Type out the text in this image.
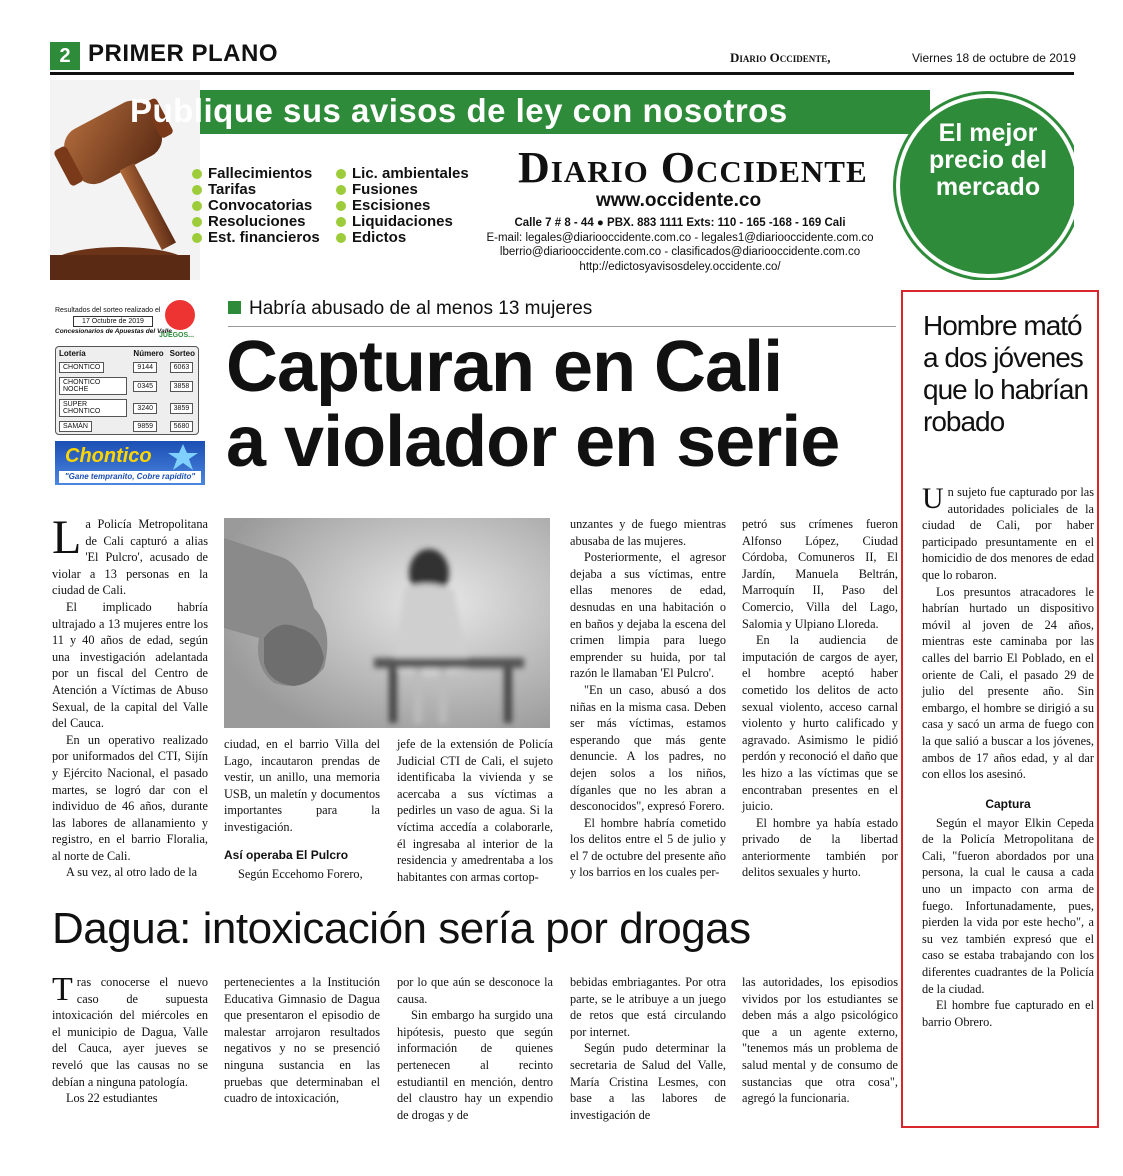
2 PRIMER PLANO	Diario Occidente,	Viernes 18 de octubre de 2019
Publique sus avisos de ley con nosotros
Fallecimientos
Tarifas
Convocatorias
Resoluciones
Est. financieros
Lic. ambientales
Fusiones
Escisiones
Liquidaciones
Edictos
Diario Occidente
www.occidente.co
Calle 7 # 8 - 44 ● PBX. 883 1111 Exts: 110 - 165 -168 - 169 Cali
E-mail: legales@diariooccidente.com.co - legales1@diariooccidente.com.co
lberrio@diariooccidente.com.co - clasificados@diariooccidente.com.co
http://edictosyavisosdeley.occidente.co/
El mejor precio del mercado
Resultados del sorteo realizado el
17 Octubre de 2019
Concesionarios de Apuestas del Valle
JUEGOS...
Lotería	Número	Sorteo
CHONTICO	9144	6063
CHONTICO NOCHE	0345	3858
SUPER CHONTICO	3240	3859
SAMÁN	9859	5680
Chontico
"Gane tempranito, Cobre rapidito"
Habría abusado de al menos 13 mujeres
Capturan en Cali
a violador en serie

La Policía Metropolitana de Cali capturó a alias 'El Pulcro', acusado de violar a 13 personas en la ciudad de Cali.

El implicado habría ultrajado a 13 mujeres entre los 11 y 40 años de edad, según una investigación adelantada por un fiscal del Centro de Atención a Víctimas de Abuso Sexual, de la capital del Valle del Cauca.

En un operativo realizado por uniformados del CTI, Sijín y Ejército Nacional, el pasado martes, se logró dar con el individuo de 46 años, durante las labores de allanamiento y registro, en el barrio Floralia, al norte de Cali.

A su vez, al otro lado de la

ciudad, en el barrio Villa del Lago, incautaron prendas de vestir, un anillo, una memoria USB, un maletín y documentos importantes para la investigación.

Así operaba El Pulcro

Según Eccehomo Forero,

jefe de la extensión de Policía Judicial CTI de Cali, el sujeto identificaba la vivienda y se acercaba a sus víctimas a pedirles un vaso de agua. Si la víctima accedía a colaborarle, él ingresaba al interior de la residencia y amedrentaba a los habitantes con armas cortop-

unzantes y de fuego mientras abusaba de las mujeres.

Posteriormente, el agresor dejaba a sus víctimas, entre ellas menores de edad, desnudas en una habitación o en baños y dejaba la escena del crimen limpia para luego emprender su huida, por tal razón le llamaban 'El Pulcro'.

"En un caso, abusó a dos niñas en la misma casa. Deben ser más víctimas, estamos esperando que más gente denuncie. A los padres, no dejen solos a los niños, díganles que no les abran a desconocidos", expresó Forero.

El hombre habría cometido los delitos entre el 5 de julio y el 7 de octubre del presente año y los barrios en los cuales per-

petró sus crímenes fueron Alfonso López, Ciudad Córdoba, Comuneros II, El Jardín, Manuela Beltrán, Marroquín II, Paso del Comercio, Villa del Lago, Salomia y Ulpiano Lloreda.

En la audiencia de imputación de cargos de ayer, el hombre aceptó haber cometido los delitos de acto sexual violento, acceso carnal violento y hurto calificado y agravado. Asimismo le pidió perdón y reconoció el daño que les hizo a las víctimas que se encontraban presentes en el juicio.

El hombre ya había estado privado de la libertad anteriormente también por delitos sexuales y hurto.

Dagua: intoxicación sería por drogas

Tras conocerse el nuevo caso de supuesta intoxicación del miércoles en el municipio de Dagua, Valle del Cauca, ayer jueves se reveló que las causas no se debían a ninguna patología.

Los 22 estudiantes

pertenecientes a la Institución Educativa Gimnasio de Dagua que presentaron el episodio de malestar arrojaron resultados negativos y no se presenció ninguna sustancia en las pruebas que determinaban el cuadro de intoxicación,

por lo que aún se desconoce la causa.

Sin embargo ha surgido una hipótesis, puesto que según información de quienes pertenecen al recinto estudiantil en mención, dentro del claustro hay un expendio de drogas y de

bebidas embriagantes. Por otra parte, se le atribuye a un juego de retos que está circulando por internet.

Según pudo determinar la secretaria de Salud del Valle, María Cristina Lesmes, con base a las labores de investigación de

las autoridades, los episodios vividos por los estudiantes se deben más a algo psicológico que a un agente externo, "tenemos más un problema de salud mental y de consumo de sustancias que otra cosa", agregó la funcionaria.

Hombre mató a dos jóvenes que lo habrían robado

Un sujeto fue capturado por las autoridades policiales de la ciudad de Cali, por haber participado presuntamente en el homicidio de dos menores de edad que lo robaron.

Los presuntos atracadores le habrían hurtado un dispositivo móvil al joven de 24 años, mientras este caminaba por las calles del barrio El Poblado, en el oriente de Cali, el pasado 29 de julio del presente año. Sin embargo, el hombre se dirigió a su casa y sacó un arma de fuego con la que salió a buscar a los jóvenes, ambos de 17 años edad, y al dar con ellos los asesinó.

Captura

Según el mayor Elkin Cepeda de la Policía Metropolitana de Cali, "fueron abordados por una persona, la cual le causa a cada uno un impacto con arma de fuego. Infortunadamente, pues, pierden la vida por este hecho", a su vez también expresó que el caso se estaba trabajando con los diferentes cuadrantes de la Policía de la ciudad.

El hombre fue capturado en el barrio Obrero.
